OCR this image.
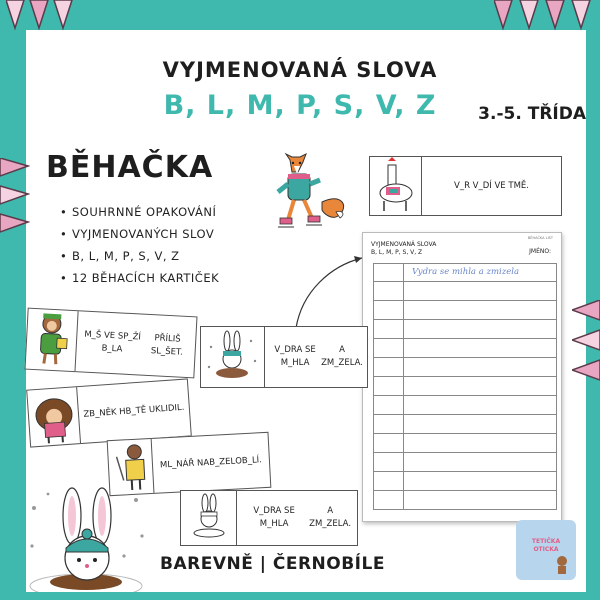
VYJMENOVANÁ SLOVA
B, L, M, P, S, V, Z	3.-5. TŘÍDA
BĚHAČKA
• SOUHRNNÉ OPAKOVÁNÍ
• VYJMENOVANÝCH SLOV
• B, L, M, P, S, V, Z
• 12 BĚHACÍCH KARTIČEK
V_R V_DÍ VE TMĚ.
BĚHAČKA LIST
VYJMENOVANÁ SLOVA
B, L, M, P, S, V, Z	JMÉNO:
Vydra se mihla a zmizela
M_Š VE SP_ŽÍ B_LA

PŘÍLIŠ SL_ŠET.	V_DRA SE M_HLA

A ZM_ZELA.
ZB_NĚK HB_TĚ UKLIDIL.
ML_NÁŘ NAB_ZEL OB_LÍ.
V_DRA SE M_HLA

A ZM_ZELA.
BAREVNĚ | ČERNOBÍLE
TETIČKA
OTICKA
